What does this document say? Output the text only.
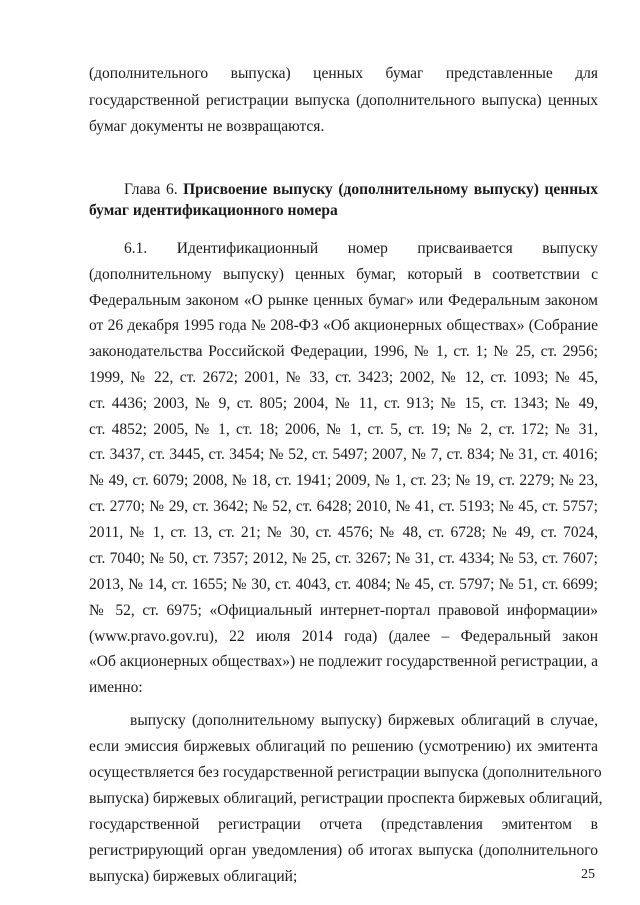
(дополнительного выпуска) ценных бумаг представленные для
государственной регистрации выпуска (дополнительного выпуска) ценных
бумаг документы не возвращаются.
Глава 6. Присвоение выпуску (дополнительному выпуску) ценных
бумаг идентификационного номера
6.1. Идентификационный номер присваивается выпуску
(дополнительному выпуску) ценных бумаг, который в соответствии с
Федеральным законом «О рынке ценных бумаг» или Федеральным законом
от 26 декабря 1995 года № 208-ФЗ «Об акционерных обществах» (Собрание
законодательства Российской Федерации, 1996, № 1, ст. 1; № 25, ст. 2956;
1999, № 22, ст. 2672; 2001, № 33, ст. 3423; 2002, № 12, ст. 1093; № 45,
ст. 4436; 2003, № 9, ст. 805; 2004, № 11, ст. 913; № 15, ст. 1343; № 49,
ст. 4852; 2005, № 1, ст. 18; 2006, № 1, ст. 5, ст. 19; № 2, ст. 172; № 31,
ст. 3437, ст. 3445, ст. 3454; № 52, ст. 5497; 2007, № 7, ст. 834; № 31, ст. 4016;
№ 49, ст. 6079; 2008, № 18, ст. 1941; 2009, № 1, ст. 23; № 19, ст. 2279; № 23,
ст. 2770; № 29, ст. 3642; № 52, ст. 6428; 2010, № 41, ст. 5193; № 45, ст. 5757;
2011, № 1, ст. 13, ст. 21; № 30, ст. 4576; № 48, ст. 6728; № 49, ст. 7024,
ст. 7040; № 50, ст. 7357; 2012, № 25, ст. 3267; № 31, ст. 4334; № 53, ст. 7607;
2013, № 14, ст. 1655; № 30, ст. 4043, ст. 4084; № 45, ст. 5797; № 51, ст. 6699;
№ 52, ст. 6975; «Официальный интернет-портал правовой информации»
(www.pravo.gov.ru), 22 июля 2014 года) (далее – Федеральный закон
«Об акционерных обществах») не подлежит государственной регистрации, а
именно:
выпуску (дополнительному выпуску) биржевых облигаций в случае,
если эмиссия биржевых облигаций по решению (усмотрению) их эмитента
осуществляется без государственной регистрации выпуска (дополнительного
выпуска) биржевых облигаций, регистрации проспекта биржевых облигаций,
государственной регистрации отчета (представления эмитентом в
регистрирующий орган уведомления) об итогах выпуска (дополнительного
выпуска) биржевых облигаций;	25
